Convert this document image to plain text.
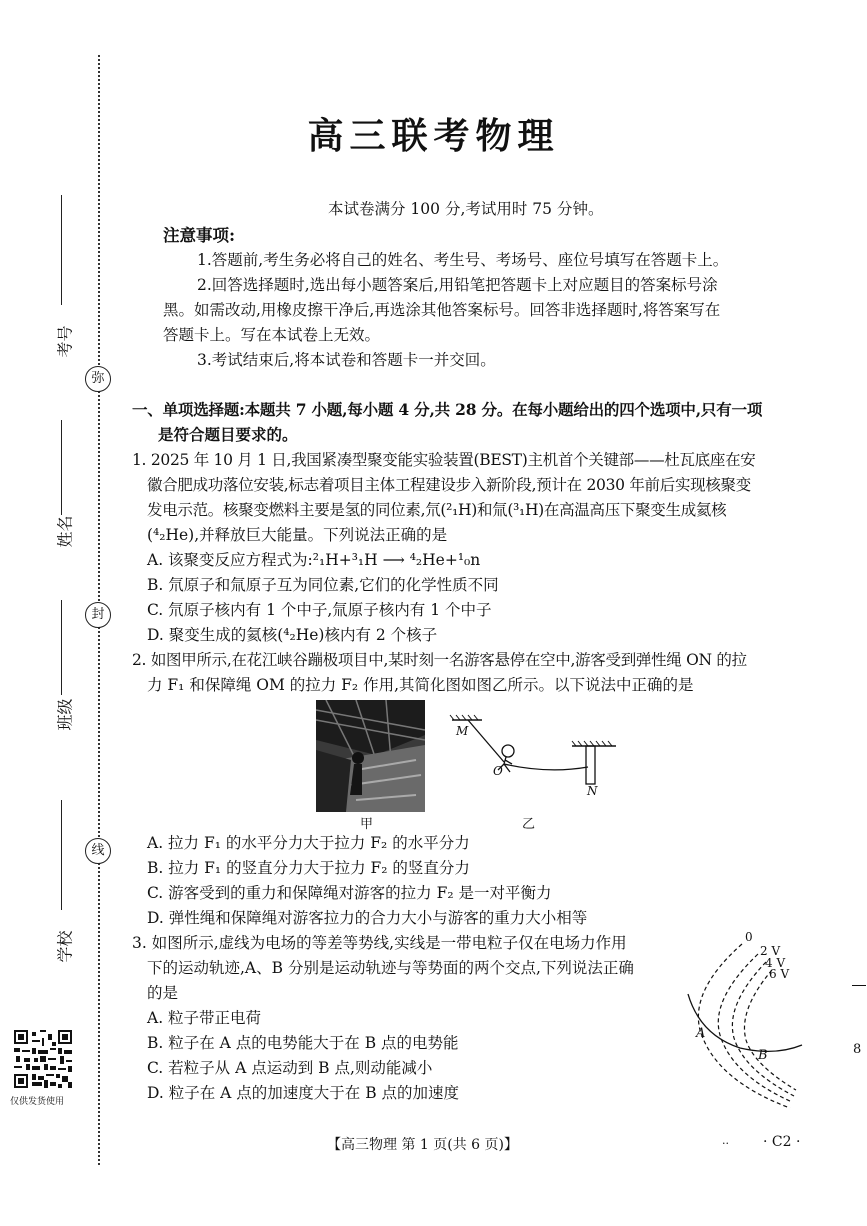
考号
姓名
班级
学校
弥
封
线
仅供发货使用
高三联考物理
本试卷满分 100 分,考试用时 75 分钟。
注意事项:
1.答题前,考生务必将自己的姓名、考生号、考场号、座位号填写在答题卡上。
2.回答选择题时,选出每小题答案后,用铅笔把答题卡上对应题目的答案标号涂
黑。如需改动,用橡皮擦干净后,再选涂其他答案标号。回答非选择题时,将答案写在
答题卡上。写在本试卷上无效。
3.考试结束后,将本试卷和答题卡一并交回。
一、单项选择题:本题共 7 小题,每小题 4 分,共 28 分。在每小题给出的四个选项中,只有一项
是符合题目要求的。
1. 2025 年 10 月 1 日,我国紧凑型聚变能实验装置(BEST)主机首个关键部——杜瓦底座在安
徽合肥成功落位安装,标志着项目主体工程建设步入新阶段,预计在 2030 年前后实现核聚变
发电示范。核聚变燃料主要是氢的同位素,氘(²₁H)和氚(³₁H)在高温高压下聚变生成氦核
(⁴₂He),并释放巨大能量。下列说法正确的是
A. 该聚变反应方程式为:²₁H+³₁H ⟶ ⁴₂He+¹₀n
B. 氘原子和氚原子互为同位素,它们的化学性质不同
C. 氘原子核内有 1 个中子,氚原子核内有 1 个中子
D. 聚变生成的氦核(⁴₂He)核内有 2 个核子
2. 如图甲所示,在花江峡谷蹦极项目中,某时刻一名游客悬停在空中,游客受到弹性绳 ON 的拉
力 F₁ 和保障绳 OM 的拉力 F₂ 作用,其简化图如图乙所示。以下说法中正确的是
甲
M
O
N
乙
A. 拉力 F₁ 的水平分力大于拉力 F₂ 的水平分力
B. 拉力 F₁ 的竖直分力大于拉力 F₂ 的竖直分力
C. 游客受到的重力和保障绳对游客的拉力 F₂ 是一对平衡力
D. 弹性绳和保障绳对游客拉力的合力大小与游客的重力大小相等
3. 如图所示,虚线为电场的等差等势线,实线是一带电粒子仅在电场力作用
下的运动轨迹,A、B 分别是运动轨迹与等势面的两个交点,下列说法正确
的是
A. 粒子带正电荷
B. 粒子在 A 点的电势能大于在 B 点的电势能
C. 若粒子从 A 点运动到 B 点,则动能减小
D. 粒子在 A 点的加速度大于在 B 点的加速度
0
2 V
4 V
6 V
A
B	8
【高三物理 第 1 页(共 6 页)】	.. · C2 ·
